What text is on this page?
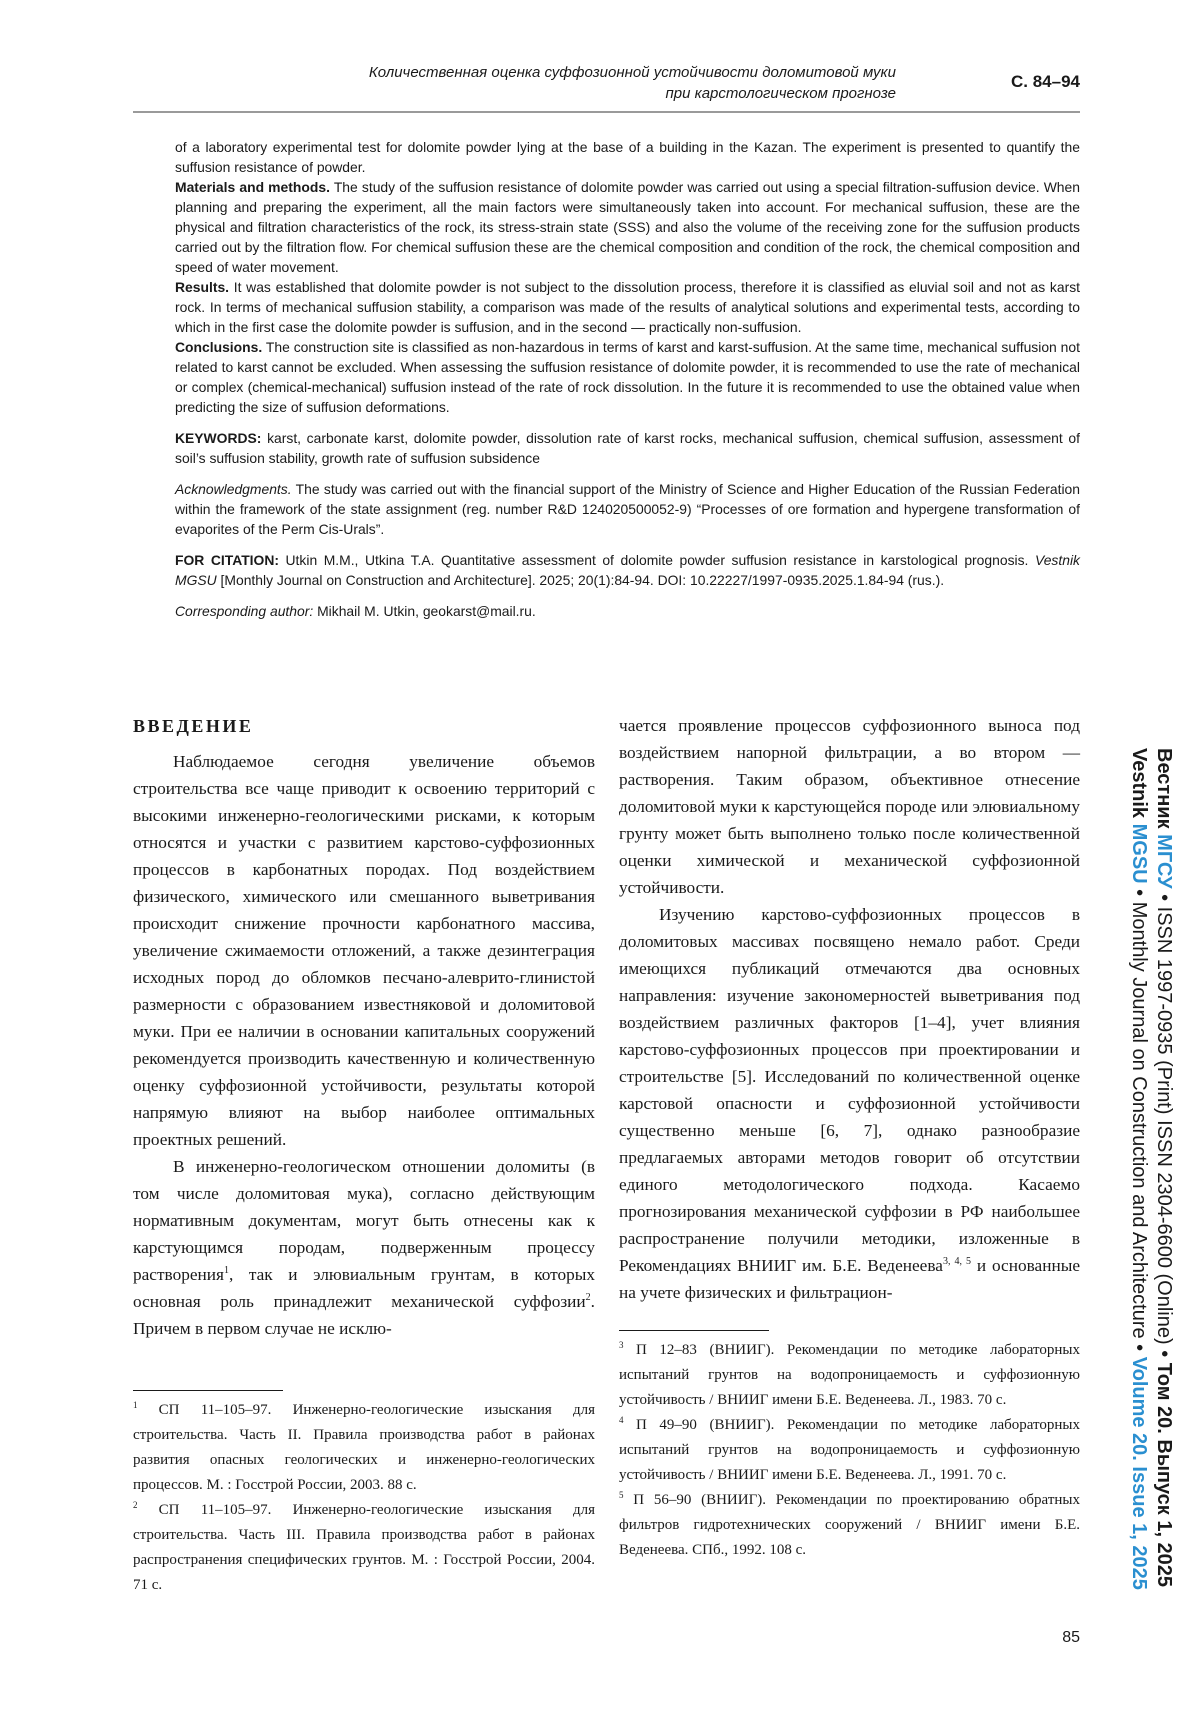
Количественная оценка суффозионной устойчивости доломитовой муки
при карстологическом прогнозе
С. 84–94

of a laboratory experimental test for dolomite powder lying at the base of a building in the Kazan. The experiment is presented to quantify the suffusion resistance of powder.

Materials and methods. The study of the suffusion resistance of dolomite powder was carried out using a special filtration-suffusion device. When planning and preparing the experiment, all the main factors were simultaneously taken into account. For mechanical suffusion, these are the physical and filtration characteristics of the rock, its stress-strain state (SSS) and also the volume of the receiving zone for the suffusion products carried out by the filtration flow. For chemical suffusion these are the chemical composition and condition of the rock, the chemical composition and speed of water movement.

Results. It was established that dolomite powder is not subject to the dissolution process, therefore it is classified as eluvial soil and not as karst rock. In terms of mechanical suffusion stability, a comparison was made of the results of analytical solutions and experimental tests, according to which in the first case the dolomite powder is suffusion, and in the second — practically non-suffusion.

Conclusions. The construction site is classified as non-hazardous in terms of karst and karst-suffusion. At the same time, mechanical suffusion not related to karst cannot be excluded. When assessing the suffusion resistance of dolomite powder, it is recommended to use the rate of mechanical or complex (chemical-mechanical) suffusion instead of the rate of rock dissolution. In the future it is recommended to use the obtained value when predicting the size of suffusion deformations.

KEYWORDS: karst, carbonate karst, dolomite powder, dissolution rate of karst rocks, mechanical suffusion, chemical suffusion, assessment of soil’s suffusion stability, growth rate of suffusion subsidence

Acknowledgments. The study was carried out with the financial support of the Ministry of Science and Higher Education of the Russian Federation within the framework of the state assignment (reg. number R&D 124020500052-9) “Processes of ore formation and hypergene transformation of evaporites of the Perm Cis-Urals”.

FOR CITATION: Utkin M.M., Utkina T.A. Quantitative assessment of dolomite powder suffusion resistance in karstological prognosis. Vestnik MGSU [Monthly Journal on Construction and Architecture]. 2025; 20(1):84-94. DOI: 10.22227/1997-0935.2025.1.84-94 (rus.).

Corresponding author: Mikhail M. Utkin, geokarst@mail.ru.

ВВЕДЕНИЕ

Наблюдаемое сегодня увеличение объемов строительства все чаще приводит к освоению территорий с высокими инженерно-геологическими рисками, к которым относятся и участки с развитием карстово-суффозионных процессов в карбонатных породах. Под воздействием физического, химического или смешанного выветривания происходит снижение прочности карбонатного массива, увеличение сжимаемости отложений, а также дезинтеграция исходных пород до обломков песчано-алеврито-глинистой размерности с образованием известняковой и доломитовой муки. При ее наличии в основании капитальных сооружений рекомендуется производить качественную и количественную оценку суффозионной устойчивости, результаты которой напрямую влияют на выбор наиболее оптимальных проектных решений.

В инженерно-геологическом отношении доломиты (в том числе доломитовая мука), согласно действующим нормативным документам, могут быть отнесены как к карстующимся породам, подверженным процессу растворения$^1$, так и элювиальным грунтам, в которых основная роль принадлежит механической суффозии$^2$. Причем в первом случае не исклю-

чается проявление процессов суффозионного выноса под воздействием напорной фильтрации, а во втором — растворения. Таким образом, объективное отнесение доломитовой муки к карстующейся породе или элювиальному грунту может быть выполнено только после количественной оценки химической и механической суффозионной устойчивости.

Изучению карстово-суффозионных процессов в доломитовых массивах посвящено немало работ. Среди имеющихся публикаций отмечаются два основных направления: изучение закономерностей выветривания под воздействием различных факторов [1–4], учет влияния карстово-суффозионных процессов при проектировании и строительстве [5]. Исследований по количественной оценке карстовой опасности и суффозионной устойчивости существенно меньше [6, 7], однако разнообразие предлагаемых авторами методов говорит об отсутствии единого методологического подхода. Касаемо прогнозирования механической суффозии в РФ наибольшее распространение получили методики, изложенные в Рекомендациях ВНИИГ им. Б.Е. Веденеева$^{3, 4, 5}$ и основанные на учете физических и фильтрацион-

$^1$ СП 11–105–97. Инженерно-геологические изыскания для строительства. Часть II. Правила производства работ в районах развития опасных геологических и инженерно-геологических процессов. М. : Госстрой России, 2003. 88 с.

$^2$ СП 11–105–97. Инженерно-геологические изыскания для строительства. Часть III. Правила производства работ в районах распространения специфических грунтов. М. : Госстрой России, 2004. 71 с.

$^3$ П 12–83 (ВНИИГ). Рекомендации по методике лабораторных испытаний грунтов на водопроницаемость и суффозионную устойчивость / ВНИИГ имени Б.Е. Веденеева. Л., 1983. 70 с.

$^4$ П 49–90 (ВНИИГ). Рекомендации по методике лабораторных испытаний грунтов на водопроницаемость и суффозионную устойчивость / ВНИИГ имени Б.Е. Веденеева. Л., 1991. 70 с.

$^5$ П 56–90 (ВНИИГ). Рекомендации по проектированию обратных фильтров гидротехнических сооружений / ВНИИГ имени Б.Е. Веденеева. СПб., 1992. 108 с.

Вестник МГСУ • ISSN 1997-0935 (Print) ISSN 2304-6600 (Online) • Том 20. Выпуск 1, 2025
Vestnik MGSU • Monthly Journal on Construction and Architecture • Volume 20. Issue 1, 2025
85
